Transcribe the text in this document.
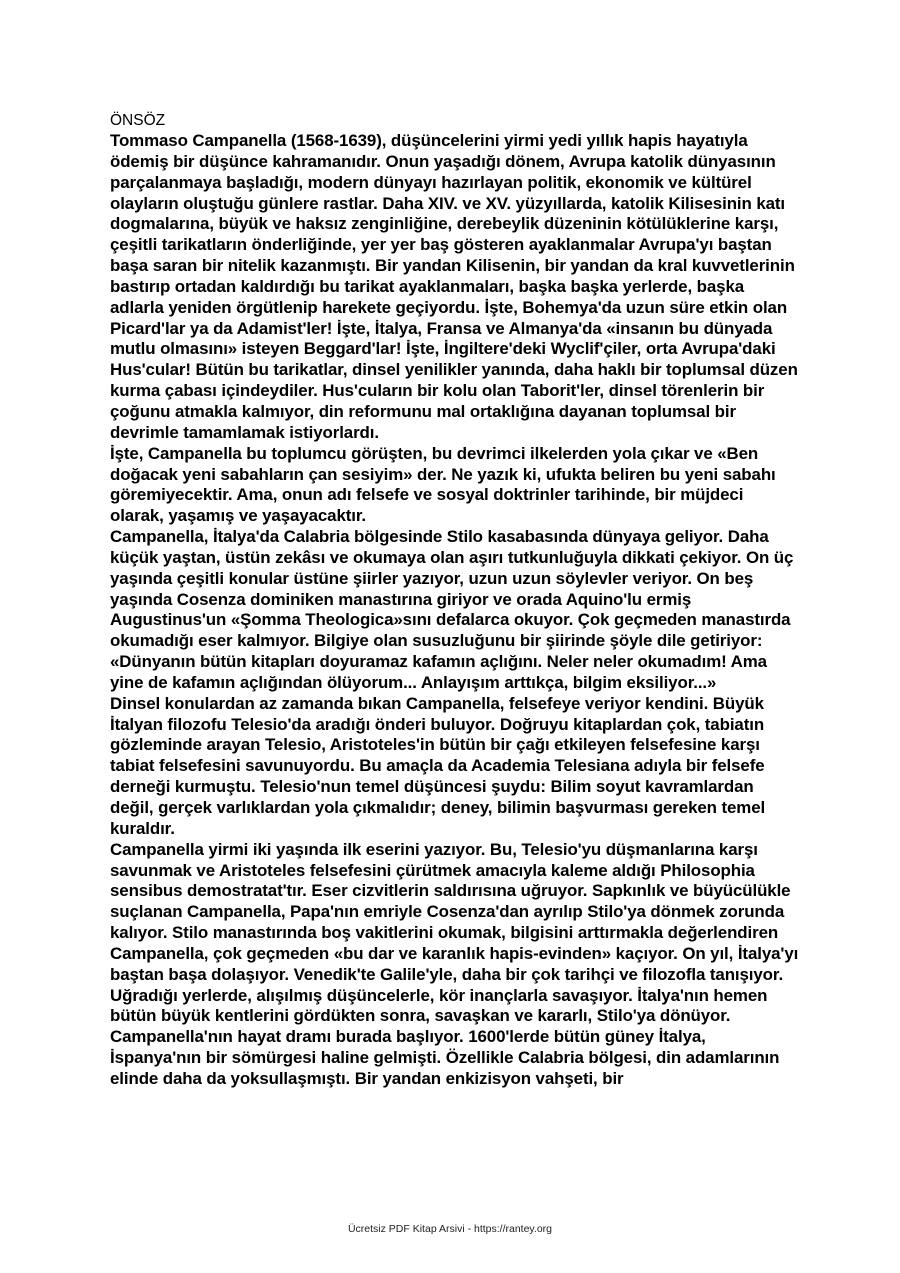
ÖNSÖZ

Tommaso Campanella (1568-1639), düşüncelerini yirmi yedi yıllık hapis hayatıyla ödemiş bir düşünce kahramanıdır. Onun yaşadığı dönem, Avrupa katolik dünyasının parçalanmaya başladığı, modern dünyayı hazırlayan politik, ekonomik ve kültürel olayların oluştuğu günlere rastlar. Daha XIV. ve XV. yüzyıllarda, katolik Kilisesinin katı dogmalarına, büyük ve haksız zenginliğine, derebeylik düzeninin kötülüklerine karşı, çeşitli tarikatların önderliğinde, yer yer baş gösteren ayaklanmalar Avrupa'yı baştan başa saran bir nitelik kazanmıştı. Bir yandan Kilisenin, bir yandan da kral kuvvetlerinin bastırıp ortadan kaldırdığı bu tarikat ayaklanmaları, başka başka yerlerde, başka adlarla yeniden örgütlenip harekete geçiyordu. İşte, Bohemya'da uzun süre etkin olan Picard'lar ya da Adamist'ler! İşte, İtalya, Fransa ve Almanya'da «insanın bu dünyada mutlu olmasını» isteyen Beggard'lar! İşte, İngiltere'deki Wyclif'çiler, orta Avrupa'daki Hus'cular! Bütün bu tarikatlar, dinsel yenilikler yanında, daha haklı bir toplumsal düzen kurma çabası içindeydiler. Hus'cuların bir kolu olan Taborit'ler, dinsel törenlerin bir çoğunu atmakla kalmıyor, din reformunu mal ortaklığına dayanan toplumsal bir devrimle tamamlamak istiyorlardı.

İşte, Campanella bu toplumcu görüşten, bu devrimci ilkelerden yola çıkar ve «Ben doğacak yeni sabahların çan sesiyim» der. Ne yazık ki, ufukta beliren bu yeni sabahı göremiyecektir. Ama, onun adı felsefe ve sosyal doktrinler tarihinde, bir müjdeci olarak, yaşamış ve yaşayacaktır.

Campanella, İtalya'da Calabria bölgesinde Stilo kasabasında dünyaya geliyor. Daha küçük yaştan, üstün zekâsı ve okumaya olan aşırı tutkunluğuyla dikkati çekiyor. On üç yaşında çeşitli konular üstüne şiirler yazıyor, uzun uzun söylevler veriyor. On beş yaşında Cosenza dominiken manastırına giriyor ve orada Aquino'lu ermiş Augustinus'un «Şomma Theologica»sını defalarca okuyor. Çok geçmeden manastırda okumadığı eser kalmıyor. Bilgiye olan susuzluğunu bir şiirinde şöyle dile getiriyor: «Dünyanın bütün kitapları doyuramaz kafamın açlığını. Neler neler okumadım! Ama yine de kafamın açlığından ölüyorum... Anlayışım arttıkça, bilgim eksiliyor...»

Dinsel konulardan az zamanda bıkan Campanella, felsefeye veriyor kendini. Büyük İtalyan filozofu Telesio'da aradığı önderi buluyor. Doğruyu kitaplardan çok, tabiatın gözleminde arayan Telesio, Aristoteles'in bütün bir çağı etkileyen felsefesine karşı tabiat felsefesini savunuyordu. Bu amaçla da Academia Telesiana adıyla bir felsefe derneği kurmuştu. Telesio'nun temel düşüncesi şuydu: Bilim soyut kavramlardan değil, gerçek varlıklardan yola çıkmalıdır; deney, bilimin başvurması gereken temel kuraldır.

Campanella yirmi iki yaşında ilk eserini yazıyor. Bu, Telesio'yu düşmanlarına karşı savunmak ve Aristoteles felsefesini çürütmek amacıyla kaleme aldığı Philosophia sensibus demostratat'tır. Eser cizvitlerin saldırısına uğruyor. Sapkınlık ve büyücülükle suçlanan Campanella, Papa'nın emriyle Cosenza'dan ayrılıp Stilo'ya dönmek zorunda kalıyor. Stilo manastırında boş vakitlerini okumak, bilgisini arttırmakla değerlendiren Campanella, çok geçmeden «bu dar ve karanlık hapis-evinden» kaçıyor. On yıl, İtalya'yı baştan başa dolaşıyor. Venedik'te Galile'yle, daha bir çok tarihçi ve filozofla tanışıyor. Uğradığı yerlerde, alışılmış düşüncelerle, kör inançlarla savaşıyor. İtalya'nın hemen bütün büyük kentlerini gördükten sonra, savaşkan ve kararlı, Stilo'ya dönüyor. Campanella'nın hayat dramı burada başlıyor. 1600'lerde bütün güney İtalya, İspanya'nın bir sömürgesi haline gelmişti. Özellikle Calabria bölgesi, din adamlarının elinde daha da yoksullaşmıştı. Bir yandan enkizisyon vahşeti, bir

Ücretsiz PDF Kitap Arsivi - https://rantey.org
